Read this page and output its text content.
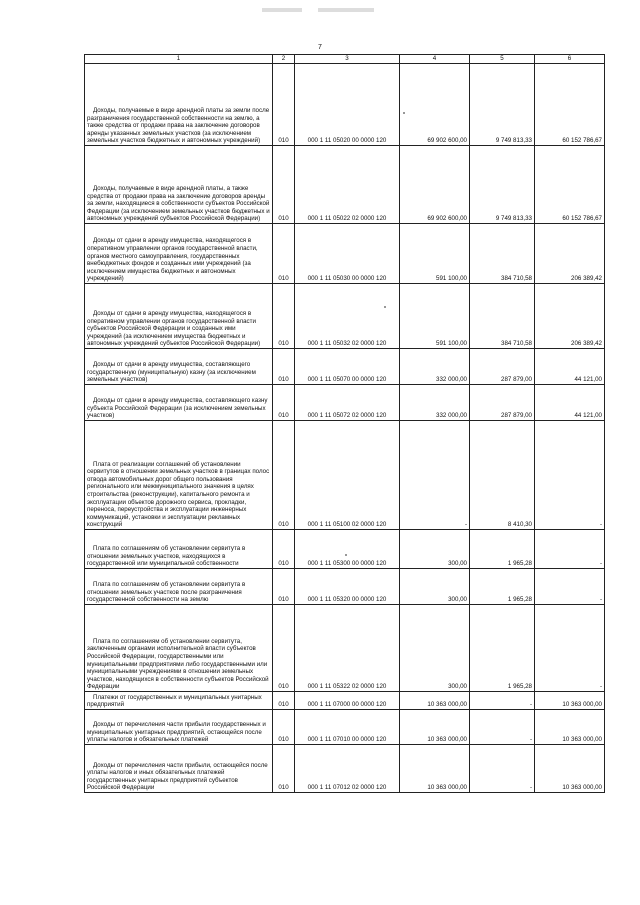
7
1	2	3	4	5	6
Доходы, получаемые в виде арендной платы за земли после разграничения государственной собственности на землю, а также средства от продажи права на заключение договоров аренды указанных земельных участков (за исключением земельных участков бюджетных и автономных учреждений)	010	000 1 11 05020 00 0000 120	69 902 600,00	9 749 813,33	60 152 786,67
Доходы, получаемые в виде арендной платы, а также средства от продажи права на заключение договоров аренды за земли, находящиеся в собственности субъектов Российской Федерации (за исключением земельных участков бюджетных и автономных учреждений субъектов Российской Федерации)	010	000 1 11 05022 02 0000 120	69 902 600,00	9 749 813,33	60 152 786,67
Доходы от сдачи в аренду имущества, находящегося в оперативном управлении органов государственной власти, органов местного самоуправления, государственных внебюджетных фондов и созданных ими учреждений (за исключением имущества бюджетных и автономных учреждений)	010	000 1 11 05030 00 0000 120	591 100,00	384 710,58	206 389,42
Доходы от сдачи в аренду имущества, находящегося в оперативном управлении органов государственной власти субъектов Российской Федерации и созданных ими учреждений (за исключением имущества бюджетных и автономных учреждений субъектов Российской Федерации)	010	000 1 11 05032 02 0000 120	591 100,00	384 710,58	206 389,42
Доходы от сдачи в аренду имущества, составляющего государственную (муниципальную) казну (за исключением земельных участков)	010	000 1 11 05070 00 0000 120	332 000,00	287 879,00	44 121,00
Доходы от сдачи в аренду имущества, составляющего казну субъекта Российской Федерации (за исключением земельных участков)	010	000 1 11 05072 02 0000 120	332 000,00	287 879,00	44 121,00
Плата от реализации соглашений об установлении сервитутов в отношении земельных участков в границах полос отвода автомобильных дорог общего пользования регионального или межмуниципального значения в целях строительства (реконструкции), капитального ремонта и эксплуатации объектов дорожного сервиса, прокладки, переноса, переустройства и эксплуатации инженерных коммуникаций, установки и эксплуатации рекламных конструкций	010	000 1 11 05100 02 0000 120	-	8 410,30	-
Плата по соглашениям об установлении сервитута в отношении земельных участков, находящихся в государственной или муниципальной собственности	010	000 1 11 05300 00 0000 120	300,00	1 965,28	-
Плата по соглашениям об установлении сервитута в отношении земельных участков после разграничения государственной собственности на землю	010	000 1 11 05320 00 0000 120	300,00	1 965,28	-
Плата по соглашениям об установлении сервитута, заключенным органами исполнительной власти субъектов Российской Федерации, государственными или муниципальными предприятиями либо государственными или муниципальными учреждениями в отношении земельных участков, находящихся в собственности субъектов Российской Федерации	010	000 1 11 05322 02 0000 120	300,00	1 965,28	-
Платежи от государственных и муниципальных унитарных предприятий	010	000 1 11 07000 00 0000 120	10 363 000,00	-	10 363 000,00
Доходы от перечисления части прибыли государственных и муниципальных унитарных предприятий, остающейся после уплаты налогов и обязательных платежей	010	000 1 11 07010 00 0000 120	10 363 000,00	-	10 363 000,00
Доходы от перечисления части прибыли, остающейся после уплаты налогов и иных обязательных платежей государственных унитарных предприятий субъектов Российской Федерации	010	000 1 11 07012 02 0000 120	10 363 000,00	-	10 363 000,00
